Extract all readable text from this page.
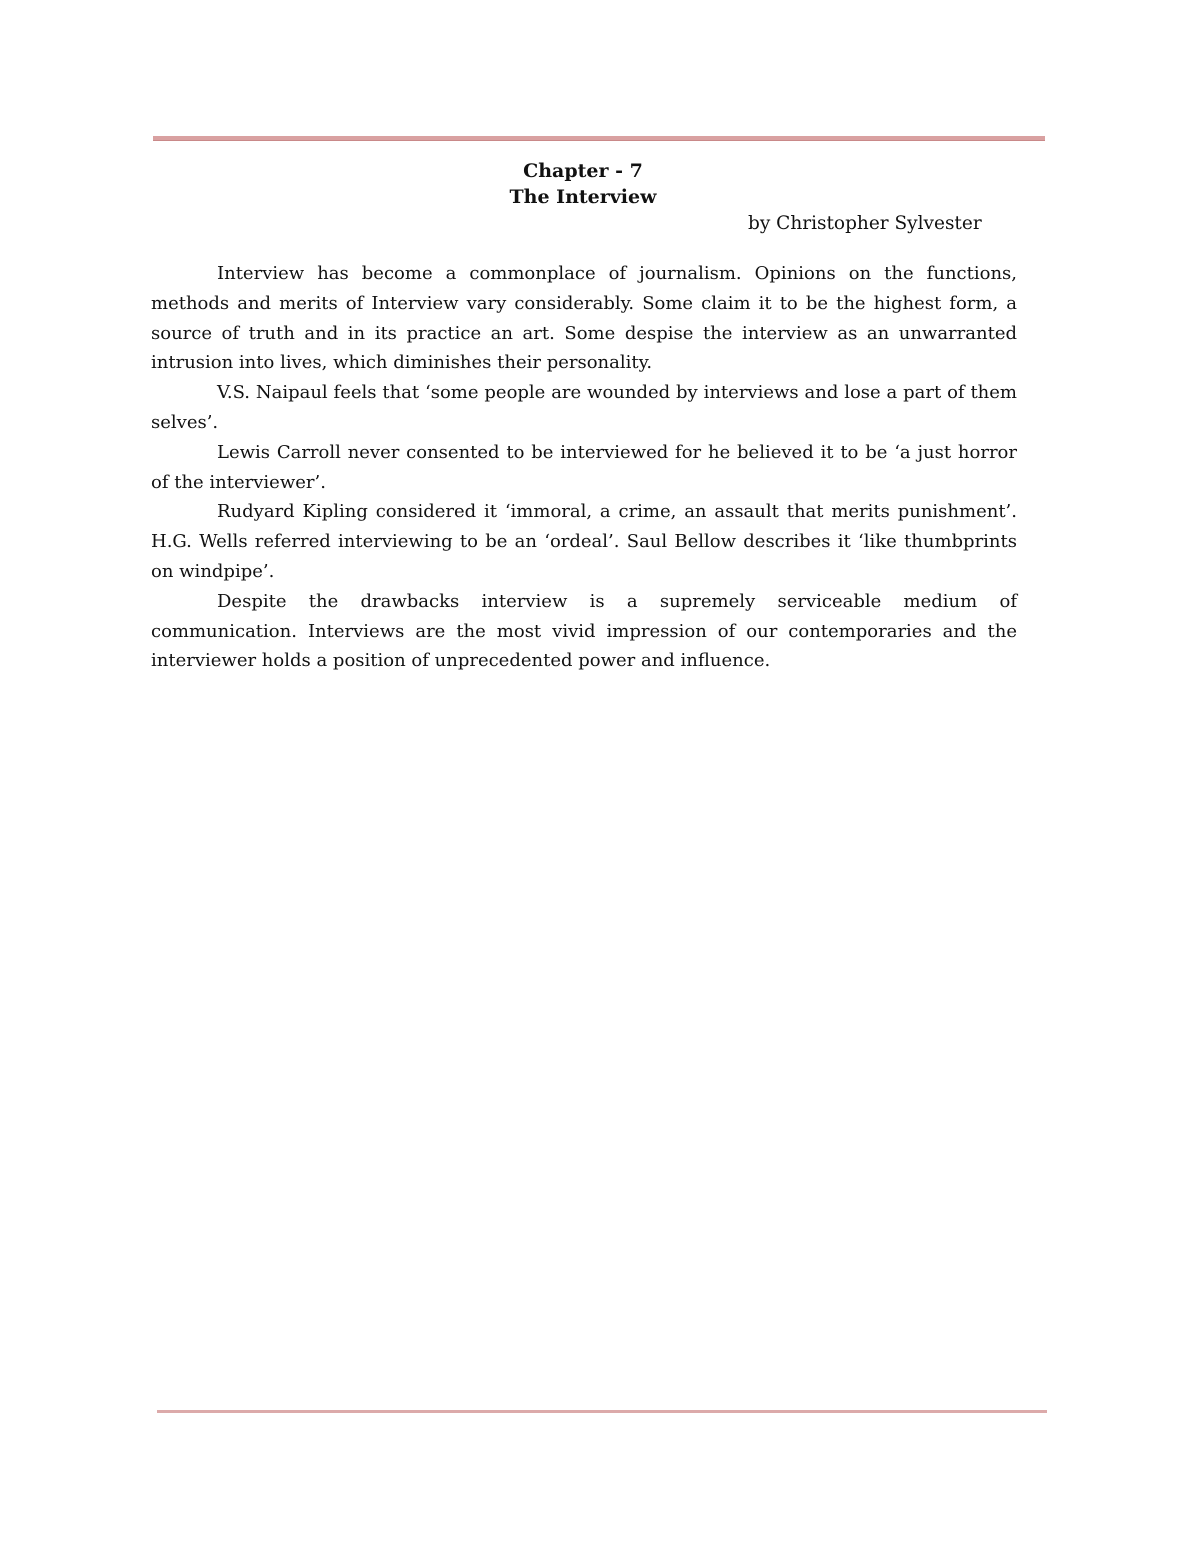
Chapter - 7
The Interview
by Christopher Sylvester

Interview has become a commonplace of journalism. Opinions on the functions, methods and merits of Interview vary considerably. Some claim it to be the highest form, a source of truth and in its practice an art. Some despise the interview as an unwarranted intrusion into lives, which diminishes their personality.

V.S. Naipaul feels that ‘some people are wounded by interviews and lose a part of them selves’.

Lewis Carroll never consented to be interviewed for he believed it to be ‘a just horror of the interviewer’.

Rudyard Kipling considered it ‘immoral, a crime, an assault that merits punishment’. H.G. Wells referred interviewing to be an ‘ordeal’. Saul Bellow describes it ‘like thumbprints on windpipe’.

Despite the drawbacks interview is a supremely serviceable medium of communication. Interviews are the most vivid impression of our contemporaries and the interviewer holds a position of unprecedented power and influence.
